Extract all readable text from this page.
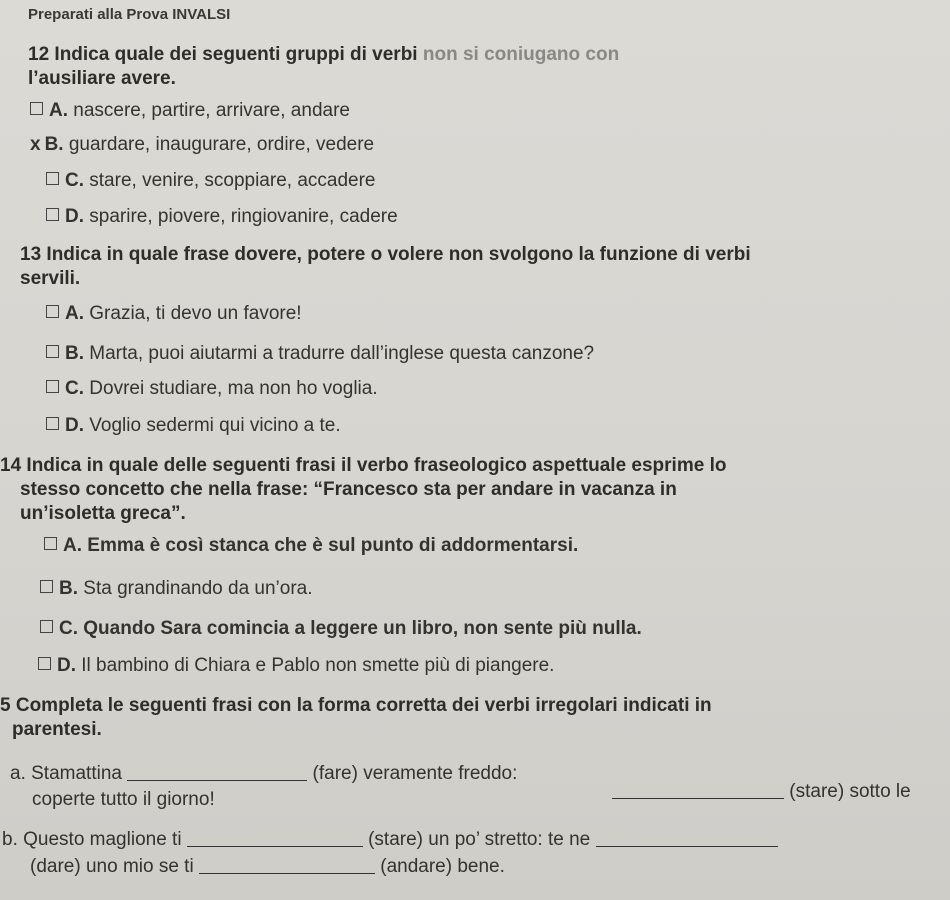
Preparati alla Prova INVALSI
12 Indica quale dei seguenti gruppi di verbi non si coniugano con
l’ausiliare avere.
A. nascere, partire, arrivare, andare
x B. guardare, inaugurare, ordire, vedere
C. stare, venire, scoppiare, accadere
D. sparire, piovere, ringiovanire, cadere
13 Indica in quale frase dovere, potere o volere non svolgono la funzione di verbi
servili.
A. Grazia, ti devo un favore!
B. Marta, puoi aiutarmi a tradurre dall’inglese questa canzone?
C. Dovrei studiare, ma non ho voglia.
D. Voglio sedermi qui vicino a te.
14 Indica in quale delle seguenti frasi il verbo fraseologico aspettuale esprime lo
stesso concetto che nella frase: “Francesco sta per andare in vacanza in
un’isoletta greca”.
A. Emma è così stanca che è sul punto di addormentarsi.
B. Sta grandinando da un’ora.
C. Quando Sara comincia a leggere un libro, non sente più nulla.
D. Il bambino di Chiara e Pablo non smette più di piangere.
5 Completa le seguenti frasi con la forma corretta dei verbi irregolari indicati in
parentesi.
a. Stamattina	(fare) veramente freddo:
(stare) sotto le
coperte tutto il giorno!
b. Questo maglione ti	(stare) un po’ stretto: te ne
(dare) uno mio se ti	(andare) bene.
